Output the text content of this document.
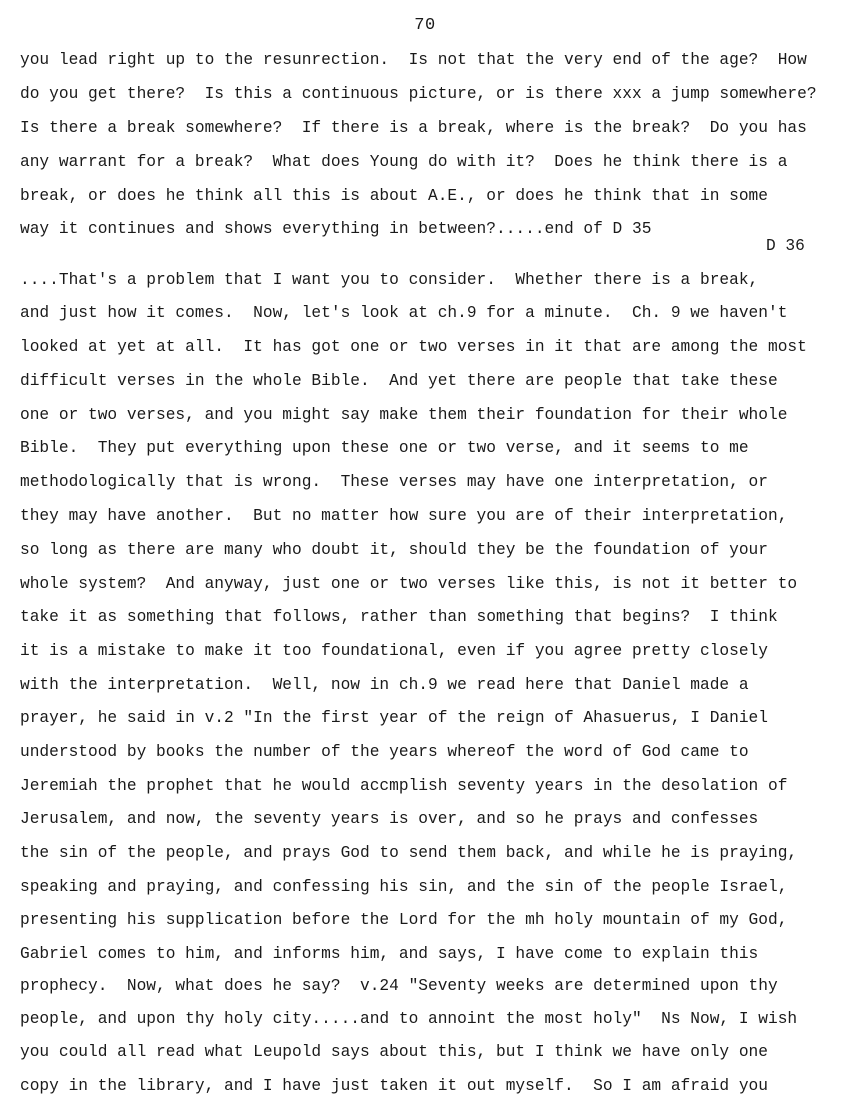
70
you lead right up to the resunrection.  Is not that the very end of the age?  How
do you get there?  Is this a continuous picture, or is there xxx a jump somewhere?
Is there a break somewhere?  If there is a break, where is the break?  Do you has
any warrant for a break?  What does Young do with it?  Does he think there is a
break, or does he think all this is about A.E., or does he think that in some
way it continues and shows everything in between?.....end of D 35
D 36
....That's a problem that I want you to consider.  Whether there is a break,
and just how it comes.  Now, let's look at ch.9 for a minute.  Ch. 9 we haven't
looked at yet at all.  It has got one or two verses in it that are among the most
difficult verses in the whole Bible.  And yet there are people that take these
one or two verses, and you might say make them their foundation for their whole
Bible.  They put everything upon these one or two verse, and it seems to me
methodologically that is wrong.  These verses may have one interpretation, or
they may have another.  But no matter how sure you are of their interpretation,
so long as there are many who doubt it, should they be the foundation of your
whole system?  And anyway, just one or two verses like this, is not it better to
take it as something that follows, rather than something that begins?  I think
it is a mistake to make it too foundational, even if you agree pretty closely
with the interpretation.  Well, now in ch.9 we read here that Daniel made a
prayer, he said in v.2 "In the first year of the reign of Ahasuerus, I Daniel
understood by books the number of the years whereof the word of God came to
Jeremiah the prophet that he would accmplish seventy years in the desolation of
Jerusalem, and now, the seventy years is over, and so he prays and confesses
the sin of the people, and prays God to send them back, and while he is praying,
speaking and praying, and confessing his sin, and the sin of the people Israel,
presenting his supplication before the Lord for the mh holy mountain of my God,
Gabriel comes to him, and informs him, and says, I have come to explain this
prophecy.  Now, what does he say?  v.24 "Seventy weeks are determined upon thy
people, and upon thy holy city.....and to annoint the most holy"  Ns Now, I wish
you could all read what Leupold says about this, but I think we have only one
copy in the library, and I have just taken it out myself.  So I am afraid you
